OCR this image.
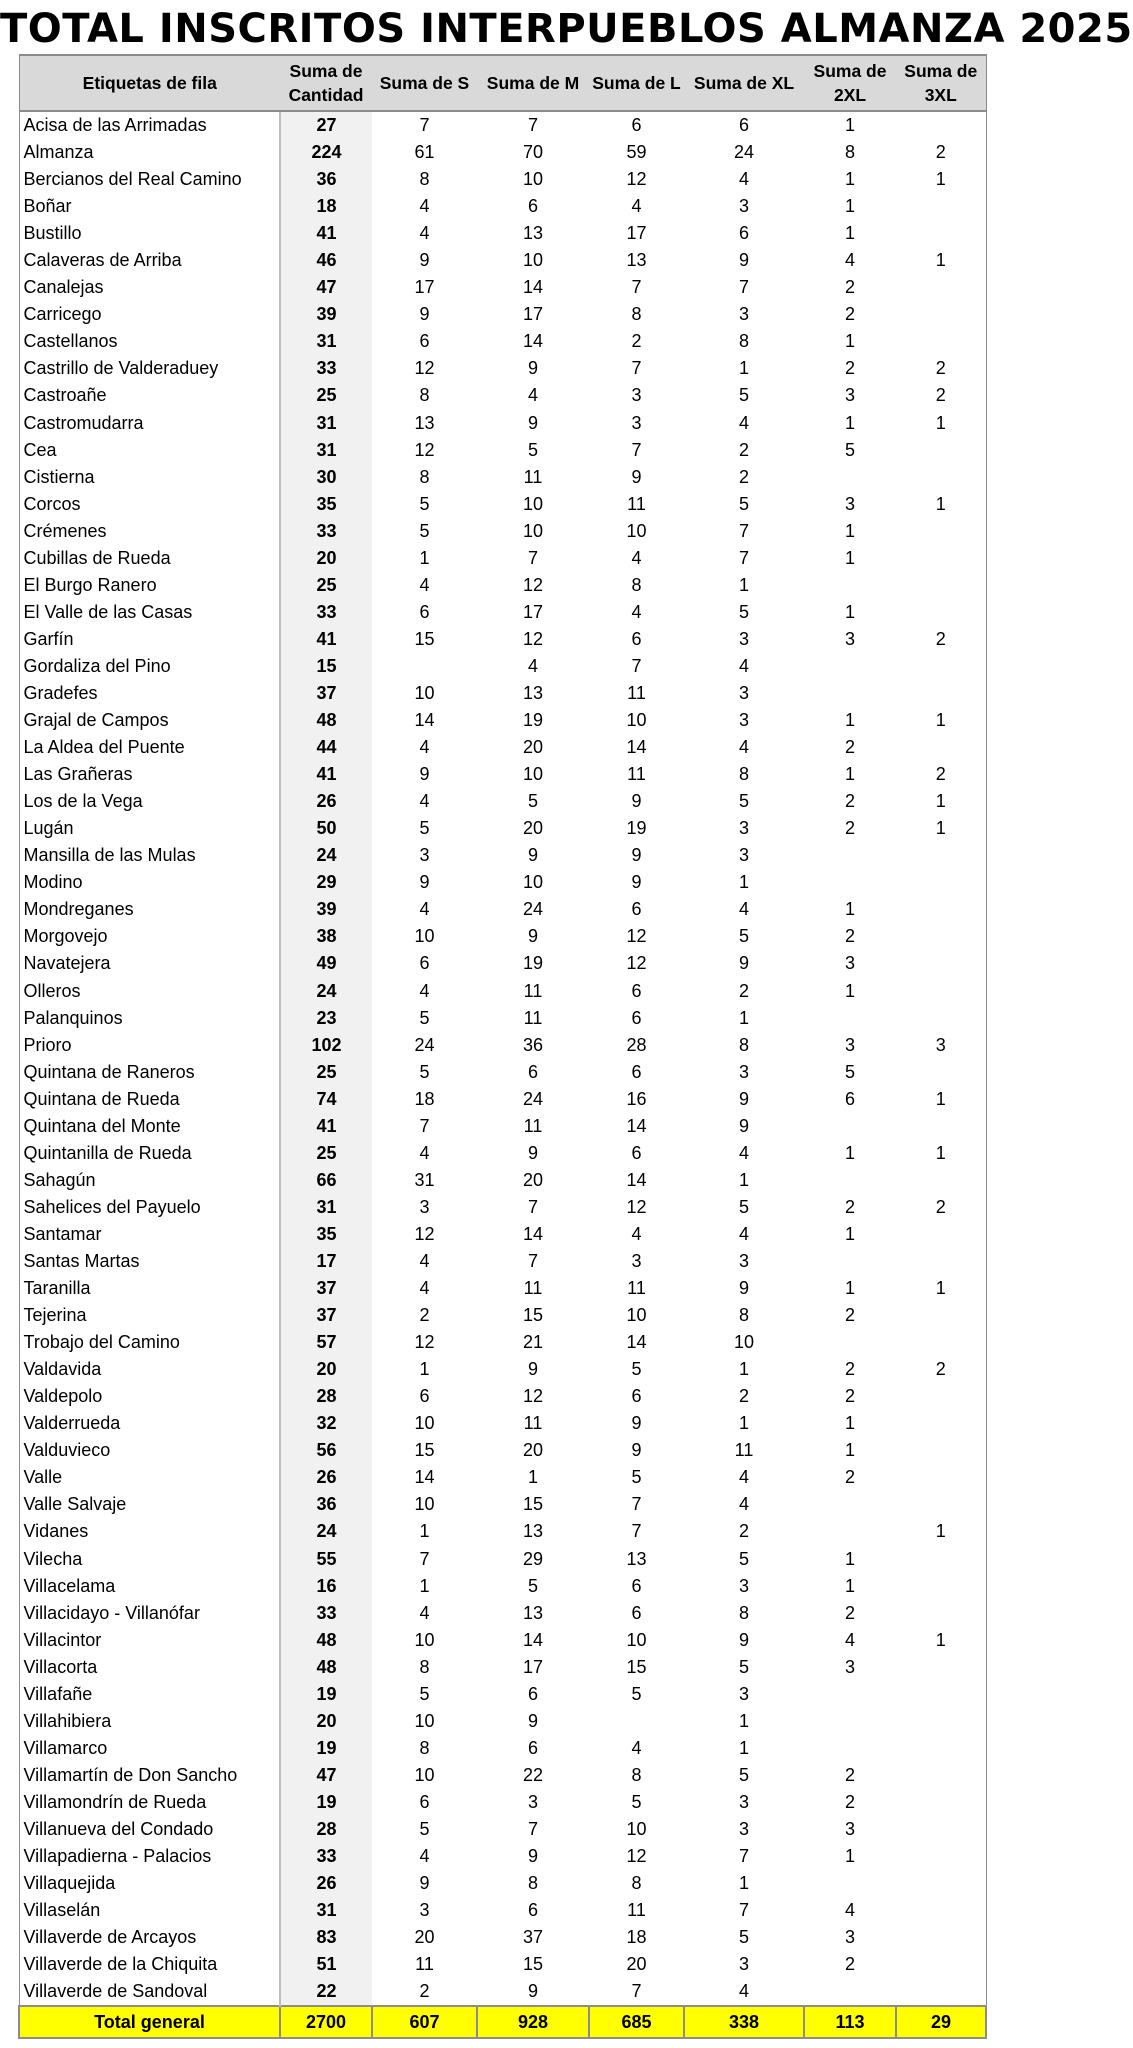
TOTAL INSCRITOS INTERPUEBLOS ALMANZA 2025
Etiquetas de fila	Suma de Cantidad	Suma de S	Suma de M	Suma de L	Suma de XL	Suma de 2XL	Suma de 3XL
Acisa de las Arrimadas	27	7	7	6	6	1	
Almanza	224	61	70	59	24	8	2
Bercianos del Real Camino	36	8	10	12	4	1	1
Boñar	18	4	6	4	3	1	
Bustillo	41	4	13	17	6	1	
Calaveras de Arriba	46	9	10	13	9	4	1
Canalejas	47	17	14	7	7	2	
Carricego	39	9	17	8	3	2	
Castellanos	31	6	14	2	8	1	
Castrillo de Valderaduey	33	12	9	7	1	2	2
Castroañe	25	8	4	3	5	3	2
Castromudarra	31	13	9	3	4	1	1
Cea	31	12	5	7	2	5	
Cistierna	30	8	11	9	2		
Corcos	35	5	10	11	5	3	1
Crémenes	33	5	10	10	7	1	
Cubillas de Rueda	20	1	7	4	7	1	
El Burgo Ranero	25	4	12	8	1		
El Valle de las Casas	33	6	17	4	5	1	
Garfín	41	15	12	6	3	3	2
Gordaliza del Pino	15		4	7	4		
Gradefes	37	10	13	11	3		
Grajal de Campos	48	14	19	10	3	1	1
La Aldea del Puente	44	4	20	14	4	2	
Las Grañeras	41	9	10	11	8	1	2
Los de la Vega	26	4	5	9	5	2	1
Lugán	50	5	20	19	3	2	1
Mansilla de las Mulas	24	3	9	9	3		
Modino	29	9	10	9	1		
Mondreganes	39	4	24	6	4	1	
Morgovejo	38	10	9	12	5	2	
Navatejera	49	6	19	12	9	3	
Olleros	24	4	11	6	2	1	
Palanquinos	23	5	11	6	1		
Prioro	102	24	36	28	8	3	3
Quintana de Raneros	25	5	6	6	3	5	
Quintana de Rueda	74	18	24	16	9	6	1
Quintana del Monte	41	7	11	14	9		
Quintanilla de Rueda	25	4	9	6	4	1	1
Sahagún	66	31	20	14	1		
Sahelices del Payuelo	31	3	7	12	5	2	2
Santamar	35	12	14	4	4	1	
Santas Martas	17	4	7	3	3		
Taranilla	37	4	11	11	9	1	1
Tejerina	37	2	15	10	8	2	
Trobajo del Camino	57	12	21	14	10		
Valdavida	20	1	9	5	1	2	2
Valdepolo	28	6	12	6	2	2	
Valderrueda	32	10	11	9	1	1	
Valduvieco	56	15	20	9	11	1	
Valle	26	14	1	5	4	2	
Valle Salvaje	36	10	15	7	4		
Vidanes	24	1	13	7	2		1
Vilecha	55	7	29	13	5	1	
Villacelama	16	1	5	6	3	1	
Villacidayo - Villanófar	33	4	13	6	8	2	
Villacintor	48	10	14	10	9	4	1
Villacorta	48	8	17	15	5	3	
Villafañe	19	5	6	5	3		
Villahibiera	20	10	9		1		
Villamarco	19	8	6	4	1		
Villamartín de Don Sancho	47	10	22	8	5	2	
Villamondrín de Rueda	19	6	3	5	3	2	
Villanueva del Condado	28	5	7	10	3	3	
Villapadierna - Palacios	33	4	9	12	7	1	
Villaquejida	26	9	8	8	1		
Villaselán	31	3	6	11	7	4	
Villaverde de Arcayos	83	20	37	18	5	3	
Villaverde de la Chiquita	51	11	15	20	3	2	
Villaverde de Sandoval	22	2	9	7	4		
Total general	2700	607	928	685	338	113	29
